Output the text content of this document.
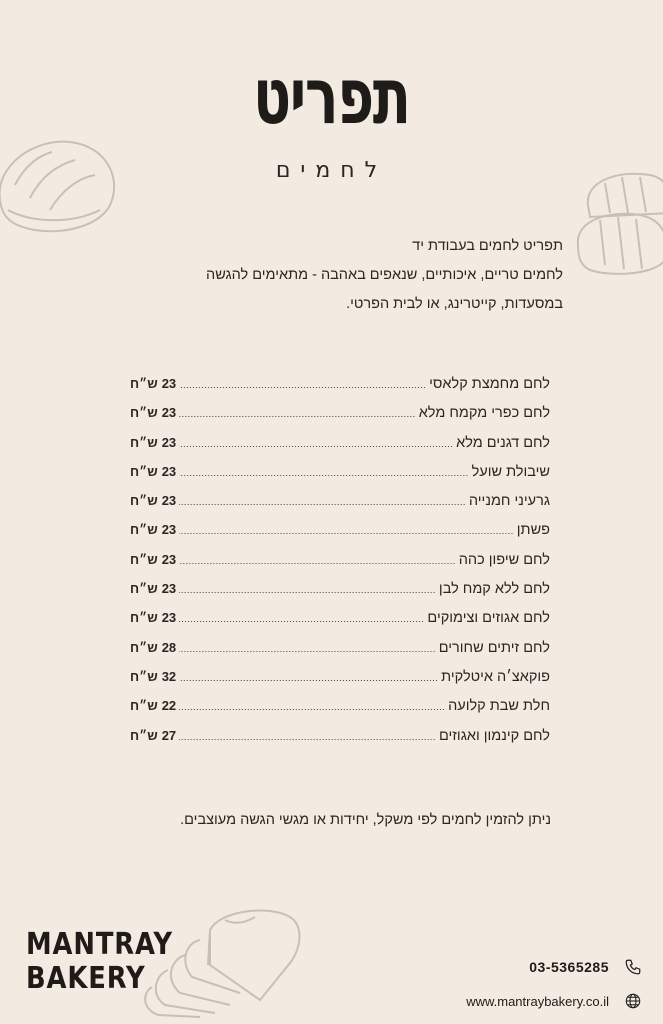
תפריט
לחמים
תפריט לחמים בעבודת יד
לחמים טריים, איכותיים, שנאפים באהבה - מתאימים להגשה
במסעדות, קייטרינג, או לבית הפרטי.
לחם מחמצת קלאסי
.....
23
ש״ח
לחם כפרי מקמח מלא
.....
23
ש״ח
לחם דגנים מלא
.....
23
ש״ח
שיבולת שועל
.....
23
ש״ח
גרעיני חמנייה
.....
23
ש״ח
פשתן
.....
23
ש״ח
לחם שיפון כהה
.....
23
ש״ח
לחם ללא קמח לבן
.....
23
ש״ח
לחם אגוזים וצימוקים
.....
23
ש״ח
לחם זיתים שחורים
.....
28
ש״ח
פוקאצ׳ה איטלקית
.....
32
ש״ח
חלת שבת קלועה
.....
22
ש״ח
לחם קינמון ואגוזים
.....
27
ש״ח
ניתן להזמין לחמים לפי משקל, יחידות או מגשי הגשה מעוצבים.
MANTRAY
BAKERY	03-5365285
www.mantraybakery.co.il
